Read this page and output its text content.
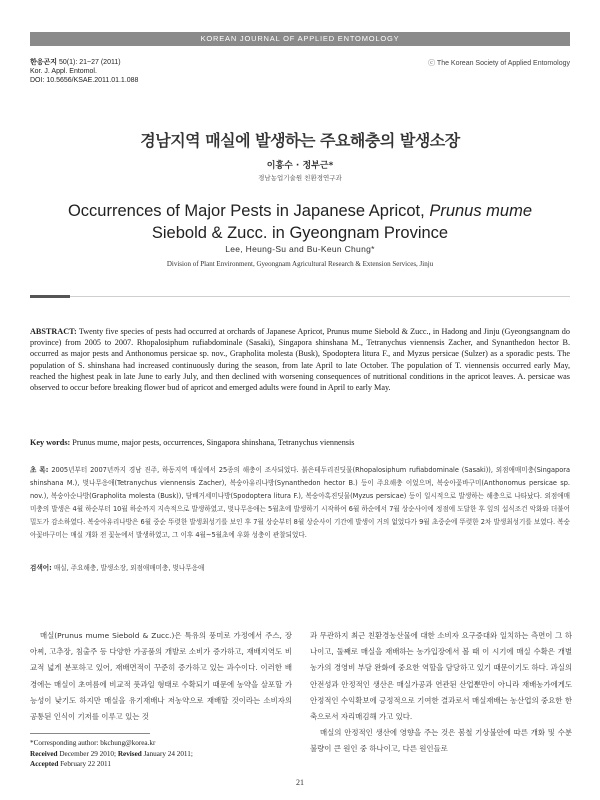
KOREAN JOURNAL OF APPLIED ENTOMOLOGY
한응곤지 50(1): 21~27 (2011)
Kor. J. Appl. Entomol.
DOI: 10.5656/KSAE.2011.01.1.088
ⓒ The Korean Society of Applied Entomology
경남지역 매실에 발생하는 주요해충의 발생소장
이흥수 · 정부근*
경남농업기술원 친환경연구과
Occurrences of Major Pests in Japanese Apricot, Prunus mume
Siebold & Zucc. in Gyeongnam Province
Lee, Heung-Su and Bu-Keun Chung*
Division of Plant Environment, Gyeongnam Agricultural Research & Extension Services, Jinju
ABSTRACT: Twenty five species of pests had occurred at orchards of Japanese Apricot, Prunus mume Siebold & Zucc., in Hadong and Jinju (Gyeongsangnam do province) from 2005 to 2007. Rhopalosiphum rufiabdominale (Sasaki), Singapora shinshana M., Tetranychus viennensis Zacher, and Synanthedon hector B. occurred as major pests and Anthonomus persicae sp. nov., Grapholita molesta (Busk), Spodoptera litura F., and Myzus persicae (Sulzer) as a sporadic pests. The population of S. shinshana had increased continuously during the season, from late April to late October. The population of T. viennensis occurred early May, reached the highest peak in late June to early July, and then declined with worsening consequences of nutritional conditions in the apricot leaves. A. persicae was observed to occur before breaking flower bud of apricot and emerged adults were found in April to early May.
Key words: Prunus mume, major pests, occurrences, Singapora shinshana, Tetranychus viennensis
초 록: 2005년부터 2007년까지 경남 진주, 하동지역 매실에서 25종의 해충이 조사되었다. 붉은테두리진딧물(Rhopalosiphum rufiabdominale (Sasaki)), 외점애매미충(Singapora shinshana M.), 벚나무응애(Tetranychus viennensis Zacher), 복숭아유리나방(Synanthedon hector B.) 등이 주요해충 이었으며, 복숭아꽃바구미(Anthonomus persicae sp. nov.), 복숭아순나방(Grapholita molesta (Busk)), 담배거세미나방(Spodoptera litura F.), 복숭아혹진딧물(Myzus persicae) 등이 일시적으로 발생하는 해충으로 나타났다. 외점애매미충의 발생은 4월 하순부터 10월 하순까지 지속적으로 발생하였고, 벚나무응애는 5월초에 발생하기 시작하여 6월 하순에서 7월 상순사이에 정점에 도달한 후 잎의 섭식조건 악화와 더불어 밀도가 감소하였다. 복숭아유리나방은 6월 중순 뚜렷한 발생최성기를 보인 후 7월 상순부터 8월 상순사이 기간에 발생이 거의 없었다가 9월 초중순에 뚜렷한 2차 발생최성기를 보였다. 복숭아꽃바구미는 매실 개화 전 꽃눈에서 발생하였고, 그 이후 4월~5월초에 우화 성충이 관찰되었다.
검색어: 매실, 주요해충, 발생소장, 외점애매미충, 벚나무응애

매실(Prunus mume Siebold & Zucc.)은 특유의 풍미로 가정에서 주스, 장아찌, 고추장, 침출주 등 다양한 가공품의 개발로 소비가 증가하고, 재배지역도 비교적 넓게 분포하고 있어, 재배면적이 꾸준히 증가하고 있는 과수이다. 이러한 배경에는 매실이 초여름에 비교적 풋과일 형태로 수확되기 때문에 농약을 살포할 가능성이 낮기도 하지만 매실을 유기재배나 저농약으로 재배할 것이라는 소비자의 공통된 인식이 기저를 이루고 있는 것

과 무관하지 최근 친환경농산물에 대한 소비자 요구증대와 일치하는 측면이 그 하나이고, 둘째로 매실을 재배하는 농가입장에서 볼 때 이 시기에 매실 수확은 개별농가의 경영비 부담 완화에 중요한 역할을 담당하고 있기 때문이기도 하다. 과실의 안전성과 안정적인 생산은 매실가공과 연관된 산업뿐만이 아니라 재배농가에게도 안정적인 수익확보에 긍정적으로 기여한 결과로서 매실재배는 농산업의 중요한 한 축으로서 자리매김해 가고 있다.

매실의 안정적인 생산에 영향을 주는 것은 봄철 기상불안에 따른 개화 및 수분 불량이 큰 원인 중 하나이고, 다른 원인들로

*Corresponding author: bkchung@korea.kr
Received December 29 2010; Revised January 24 2011;
Accepted February 22 2011
21
